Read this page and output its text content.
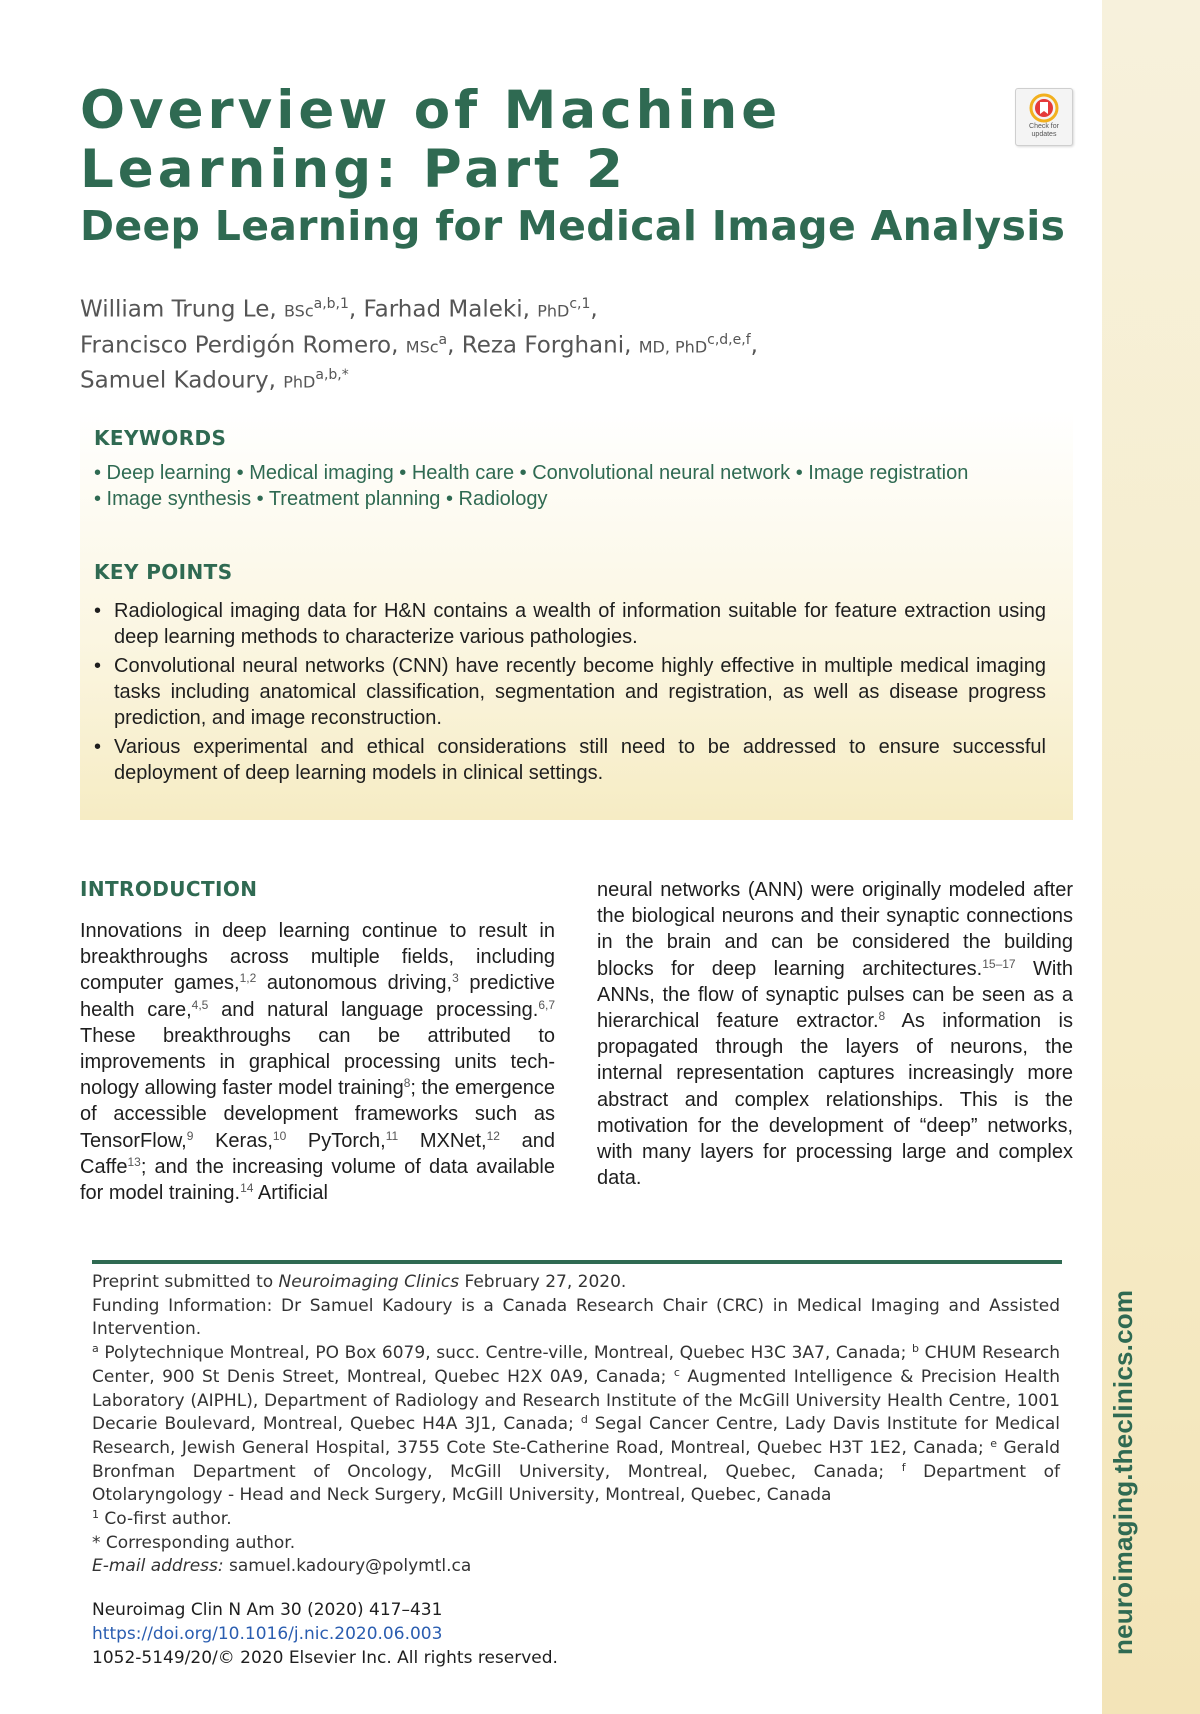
neuroimaging.theclinics.com
Overview of Machine
Learning: Part 2
Deep Learning for Medical Image Analysis
Check for
updates
William Trung Le, BSc$^{a,b,1}$, Farhad Maleki, PhD$^{c,1}$,
Francisco Perdigón Romero, MSc$^a$, Reza Forghani, MD, PhD$^{c,d,e,f}$,
Samuel Kadoury, PhD$^{a,b,*}$
KEYWORDS
• Deep learning • Medical imaging • Health care • Convolutional neural network • Image registration
• Image synthesis • Treatment planning • Radiology
KEY POINTS
• Radiological imaging data for H&N contains a wealth of information suitable for feature extraction using deep learning methods to characterize various pathologies.
• Convolutional neural networks (CNN) have recently become highly effective in multiple medical imaging tasks including anatomical classification, segmentation and registration, as well as disease progress prediction, and image reconstruction.
• Various experimental and ethical considerations still need to be addressed to ensure successful deployment of deep learning models in clinical settings.
INTRODUCTION
Innovations in deep learning continue to result in breakthroughs across multiple fields, including computer games,$^{1,2}$ autonomous driving,$^3$ predictive health care,$^{4,5}$ and natural language processing.$^{6,7}$ These breakthroughs can be attributed to improvements in graphical processing units technology allowing faster model training$^8$; the emergence of accessible development frameworks such as TensorFlow,$^9$ Keras,$^{10}$ PyTorch,$^{11}$ MXNet,$^{12}$ and Caffe$^{13}$; and the increasing volume of data available for model training.$^{14}$ Artificial
neural networks (ANN) were originally modeled after the biological neurons and their synaptic connections in the brain and can be considered the building blocks for deep learning architectures.$^{15-17}$ With ANNs, the flow of synaptic pulses can be seen as a hierarchical feature extractor.$^8$ As information is propagated through the layers of neurons, the internal representation captures increasingly more abstract and complex relationships. This is the motivation for the development of “deep” networks, with many layers for processing large and complex data.

Preprint submitted to Neuroimaging Clinics February 27, 2020.

Funding Information: Dr Samuel Kadoury is a Canada Research Chair (CRC) in Medical Imaging and Assisted Intervention.

$^a$ Polytechnique Montreal, PO Box 6079, succ. Centre-ville, Montreal, Quebec H3C 3A7, Canada; $^b$ CHUM Research Center, 900 St Denis Street, Montreal, Quebec H2X 0A9, Canada; $^c$ Augmented Intelligence & Precision Health Laboratory (AIPHL), Department of Radiology and Research Institute of the McGill University Health Centre, 1001 Decarie Boulevard, Montreal, Quebec H4A 3J1, Canada; $^d$ Segal Cancer Centre, Lady Davis Institute for Medical Research, Jewish General Hospital, 3755 Cote Ste-Catherine Road, Montreal, Quebec H3T 1E2, Canada; $^e$ Gerald Bronfman Department of Oncology, McGill University, Montreal, Quebec, Canada; $^f$ Department of Otolaryngology - Head and Neck Surgery, McGill University, Montreal, Quebec, Canada

$^1$ Co-first author.

* Corresponding author.

E-mail address: samuel.kadoury@polymtl.ca

Neuroimag Clin N Am 30 (2020) 417–431
https://doi.org/10.1016/j.nic.2020.06.003
1052-5149/20/© 2020 Elsevier Inc. All rights reserved.
